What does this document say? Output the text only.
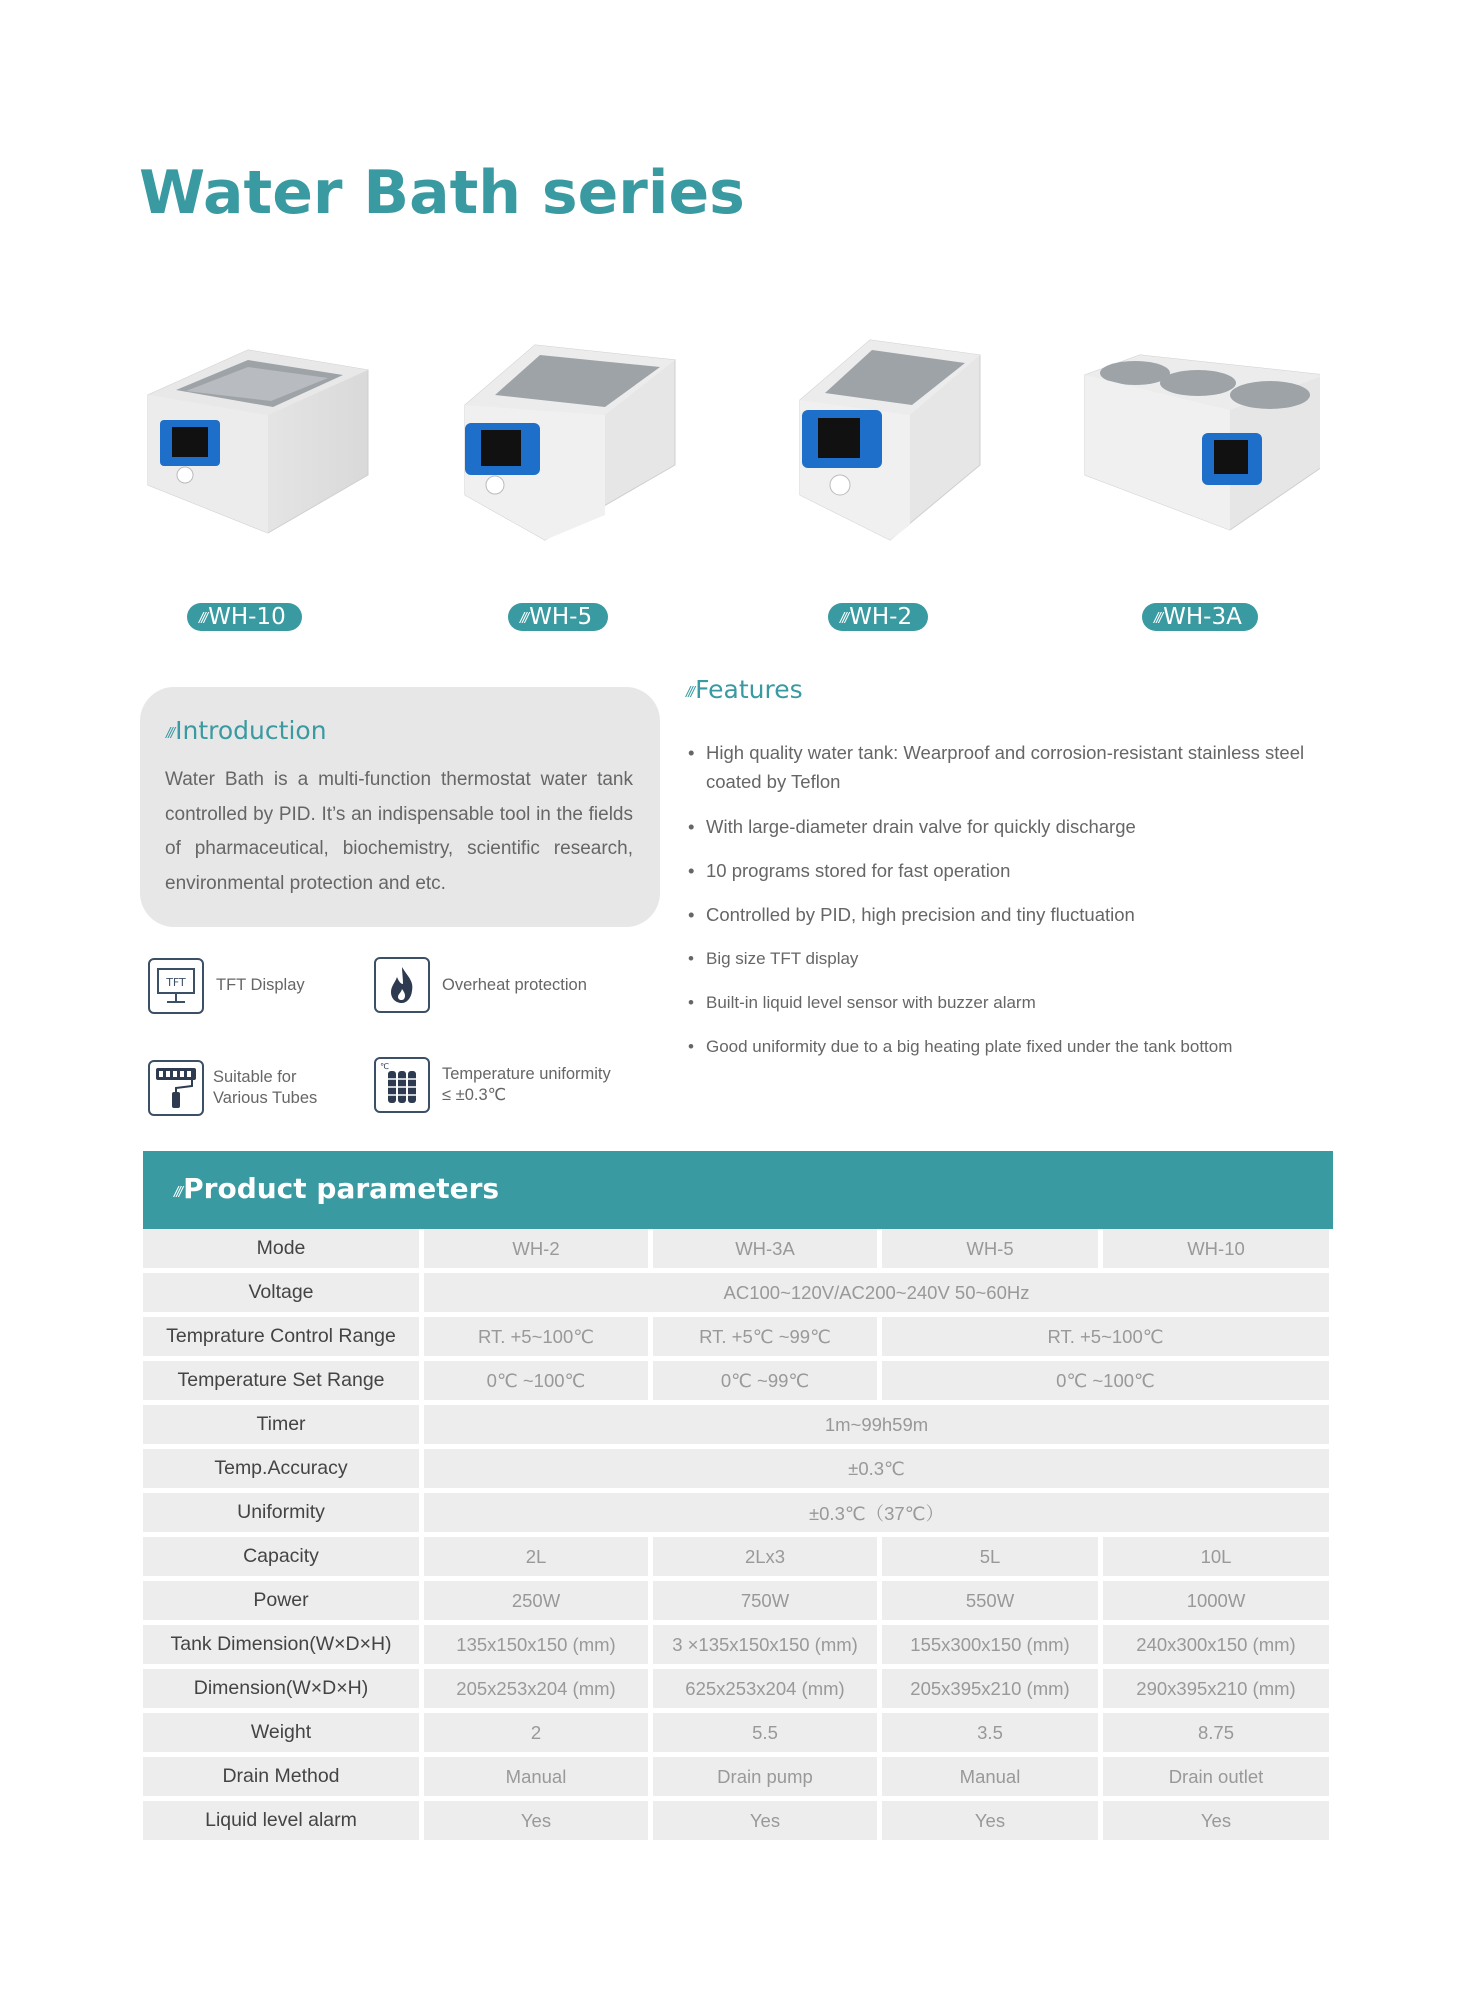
Water Bath series
///WH-10	///WH-5	///WH-2	///WH-3A
///Introduction
Water Bath is a multi-function thermostat water tank controlled by PID. It’s an indispensable tool in the fields of pharmaceutical, biochemistry, scientific research, environmental protection and etc.
///Features
• High quality water tank: Wearproof and corrosion-resistant stainless steel coated by Teflon
• With large-diameter drain valve for quickly discharge
• 10 programs stored for fast operation
• Controlled by PID, high precision and tiny fluctuation
• Big size TFT display
• Built-in liquid level sensor with buzzer alarm
• Good uniformity due to a big heating plate fixed under the tank bottom
TFT TFT Display	Overheat protection
Suitable for
Various Tubes
℃	Temperature uniformity
≤ ±0.3℃
///Product parameters
Mode	WH-2	WH-3A	WH-5	WH-10
Voltage	AC100~120V/AC200~240V 50~60Hz			
Temprature Control Range	RT. +5~100℃	RT. +5℃ ~99℃	RT. +5~100℃	
Temperature Set Range	0℃ ~100℃	0℃ ~99℃	0℃ ~100℃	
Timer	1m~99h59m			
Temp.Accuracy	±0.3℃			
Uniformity	±0.3℃（37℃）			
Capacity	2L	2Lx3	5L	10L
Power	250W	750W	550W	1000W
Tank Dimension(W×D×H)	135x150x150 (mm)	3 ×135x150x150 (mm)	155x300x150 (mm)	240x300x150 (mm)
Dimension(W×D×H)	205x253x204 (mm)	625x253x204 (mm)	205x395x210 (mm)	290x395x210 (mm)
Weight	2	5.5	3.5	8.75
Drain Method	Manual	Drain pump	Manual	Drain outlet
Liquid level alarm	Yes	Yes	Yes	Yes
